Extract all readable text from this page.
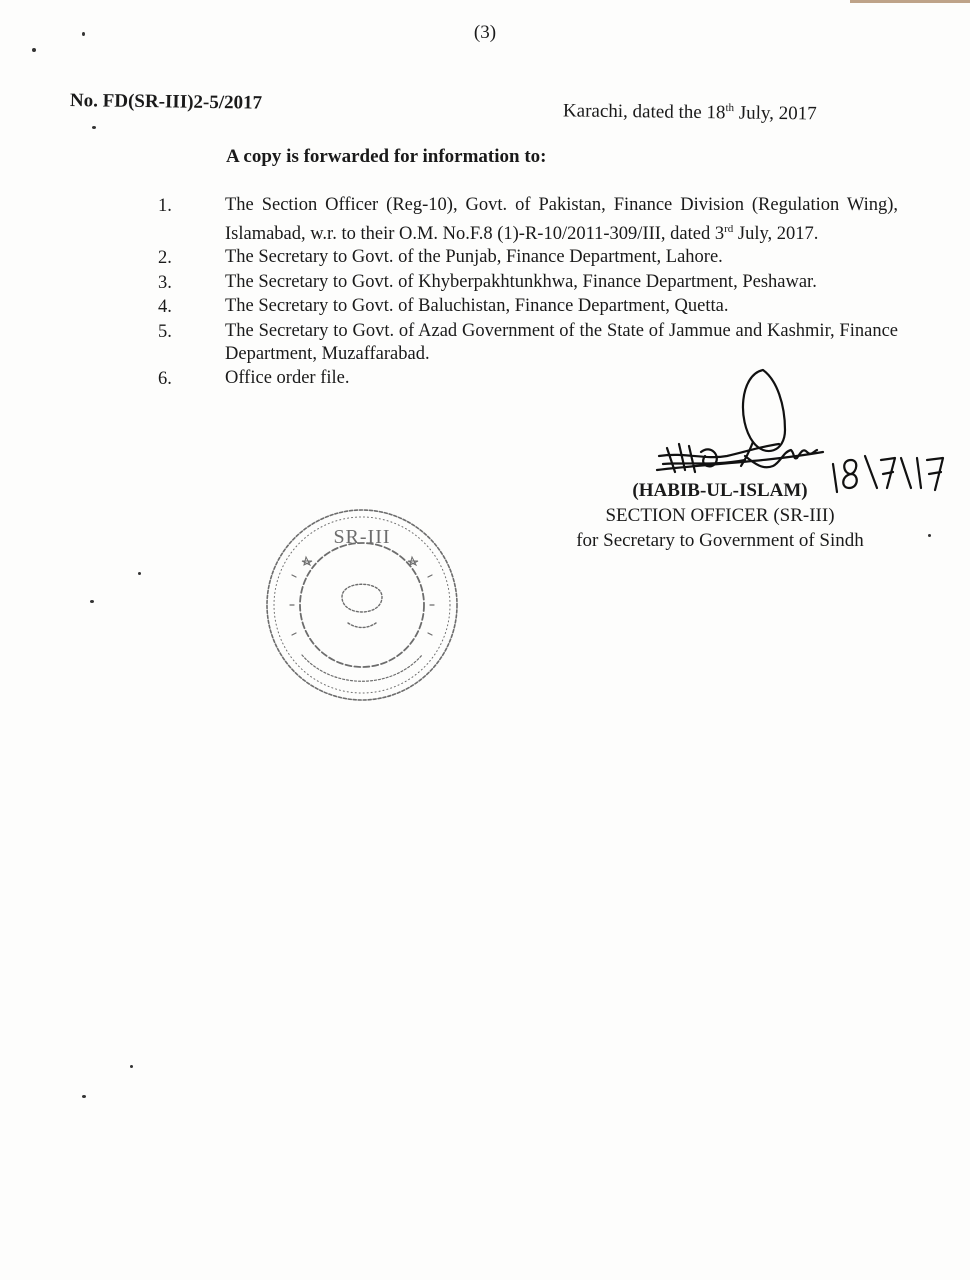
(3)
No. FD(SR-III)2-5/2017	Karachi, dated the 18th July, 2017
A copy is forwarded for information to:
1.	The Section Officer (Reg-10), Govt. of Pakistan, Finance Division (Regulation Wing), Islamabad, w.r. to their O.M. No.F.8 (1)-R-10/2011-309/III, dated 3rd July, 2017.
2.	The Secretary to Govt. of the Punjab, Finance Department, Lahore.
3.	The Secretary to Govt. of Khyberpakhtunkhwa, Finance Department, Peshawar.
4.	The Secretary to Govt. of Baluchistan, Finance Department, Quetta.
5.	The Secretary to Govt. of Azad Government of the State of Jammue and Kashmir, Finance Department, Muzaffarabad.
6.	Office order file.
(HABIB-UL-ISLAM)
SECTION OFFICER (SR-III)
for Secretary to Government of Sindh
SR-III
